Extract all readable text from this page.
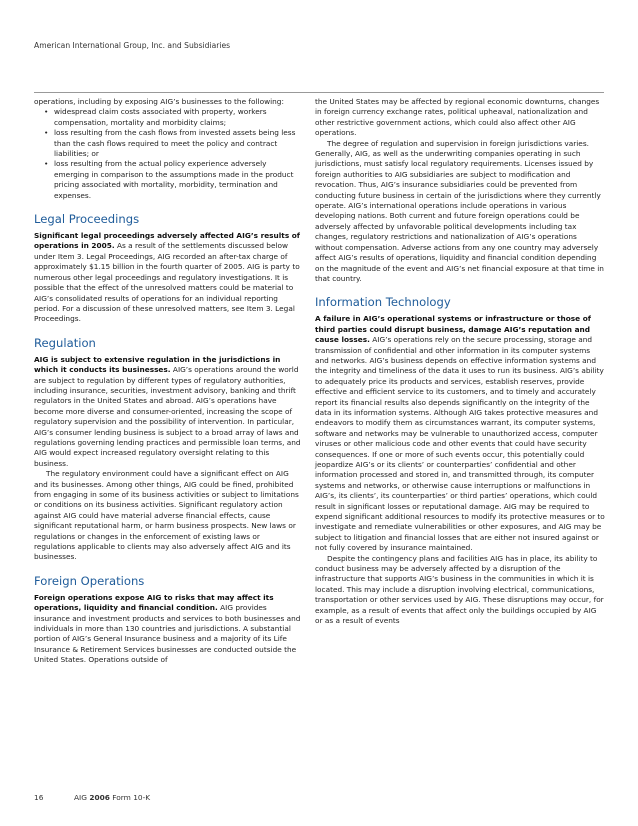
American International Group, Inc. and Subsidiaries

operations, including by exposing AIG’s businesses to the following:

• widespread claim costs associated with property, workers compensation, mortality and morbidity claims;
• loss resulting from the cash flows from invested assets being less than the cash flows required to meet the policy and contract liabilities; or
• loss resulting from the actual policy experience adversely emerging in comparison to the assumptions made in the product pricing associated with mortality, morbidity, termination and expenses.
Legal Proceedings

Significant legal proceedings adversely affected AIG’s results of operations in 2005. As a result of the settlements discussed below under Item 3. Legal Proceedings, AIG recorded an after-tax charge of approximately $1.15 billion in the fourth quarter of 2005. AIG is party to numerous other legal proceedings and regulatory investigations. It is possible that the effect of the unresolved matters could be material to AIG’s consolidated results of operations for an individual reporting period. For a discussion of these unresolved matters, see Item 3. Legal Proceedings.

Regulation

AIG is subject to extensive regulation in the jurisdictions in which it conducts its businesses. AIG’s operations around the world are subject to regulation by different types of regulatory authorities, including insurance, securities, investment advisory, banking and thrift regulators in the United States and abroad. AIG’s operations have become more diverse and consumer-oriented, increasing the scope of regulatory supervision and the possibility of intervention. In particular, AIG’s consumer lending business is subject to a broad array of laws and regulations governing lending practices and permissible loan terms, and AIG would expect increased regulatory oversight relating to this business.

The regulatory environment could have a significant effect on AIG and its businesses. Among other things, AIG could be fined, prohibited from engaging in some of its business activities or subject to limitations or conditions on its business activities. Significant regulatory action against AIG could have material adverse financial effects, cause significant reputational harm, or harm business prospects. New laws or regulations or changes in the enforcement of existing laws or regulations applicable to clients may also adversely affect AIG and its businesses.

Foreign Operations

Foreign operations expose AIG to risks that may affect its operations, liquidity and financial condition. AIG provides insurance and investment products and services to both businesses and individuals in more than 130 countries and jurisdictions. A substantial portion of AIG’s General Insurance business and a majority of its Life Insurance & Retirement Services businesses are conducted outside the United States. Operations outside of

the United States may be affected by regional economic downturns, changes in foreign currency exchange rates, political upheaval, nationalization and other restrictive government actions, which could also affect other AIG operations.

The degree of regulation and supervision in foreign jurisdictions varies. Generally, AIG, as well as the underwriting companies operating in such jurisdictions, must satisfy local regulatory requirements. Licenses issued by foreign authorities to AIG subsidiaries are subject to modification and revocation. Thus, AIG’s insurance subsidiaries could be prevented from conducting future business in certain of the jurisdictions where they currently operate. AIG’s international operations include operations in various developing nations. Both current and future foreign operations could be adversely affected by unfavorable political developments including tax changes, regulatory restrictions and nationalization of AIG’s operations without compensation. Adverse actions from any one country may adversely affect AIG’s results of operations, liquidity and financial condition depending on the magnitude of the event and AIG’s net financial exposure at that time in that country.

Information Technology

A failure in AIG’s operational systems or infrastructure or those of third parties could disrupt business, damage AIG’s reputation and cause losses. AIG’s operations rely on the secure processing, storage and transmission of confidential and other information in its computer systems and networks. AIG’s business depends on effective information systems and the integrity and timeliness of the data it uses to run its business. AIG’s ability to adequately price its products and services, establish reserves, provide effective and efficient service to its customers, and to timely and accurately report its financial results also depends significantly on the integrity of the data in its information systems. Although AIG takes protective measures and endeavors to modify them as circumstances warrant, its computer systems, software and networks may be vulnerable to unauthorized access, computer viruses or other malicious code and other events that could have security consequences. If one or more of such events occur, this potentially could jeopardize AIG’s or its clients’ or counterparties’ confidential and other information processed and stored in, and transmitted through, its computer systems and networks, or otherwise cause interruptions or malfunctions in AIG’s, its clients’, its counterparties’ or third parties’ operations, which could result in significant losses or reputational damage. AIG may be required to expend significant additional resources to modify its protective measures or to investigate and remediate vulnerabilities or other exposures, and AIG may be subject to litigation and financial losses that are either not insured against or not fully covered by insurance maintained.

Despite the contingency plans and facilities AIG has in place, its ability to conduct business may be adversely affected by a disruption of the infrastructure that supports AIG’s business in the communities in which it is located. This may include a disruption involving electrical, communications, transportation or other services used by AIG. These disruptions may occur, for example, as a result of events that affect only the buildings occupied by AIG or as a result of events

16	AIG 2006 Form 10-K
